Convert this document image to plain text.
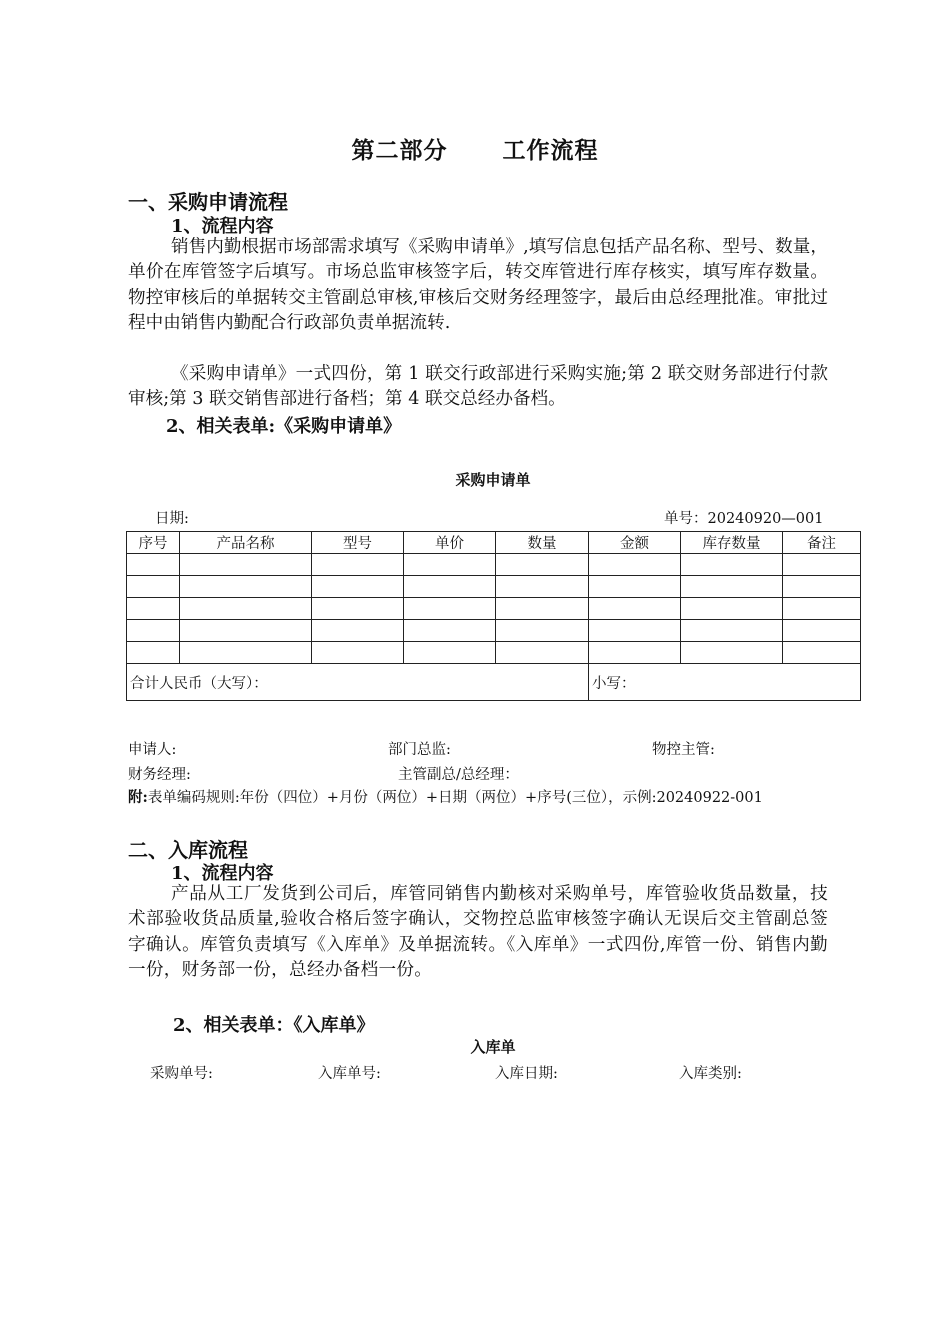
第二部分 工作流程
一、采购申请流程
1、流程内容

销售内勤根据市场部需求填写《采购申请单》,填写信息包括产品名称、型号、数量，单价在库管签字后填写。市场总监审核签字后，转交库管进行库存核实，填写库存数量。物控审核后的单据转交主管副总审核,审核后交财务经理签字，最后由总经理批准。审批过程中由销售内勤配合行政部负责单据流转.

《采购申请单》一式四份，第 1 联交行政部进行采购实施;第 2 联交财务部进行付款审核;第 3 联交销售部进行备档；第 4 联交总经办备档。

2、相关表单:《采购申请单》
采购申请单
日期:	单号：20240920—001
序号	产品名称	型号	单价	数量	金额	库存数量	备注

合计人民币（大写）：					小写：		
申请人:	部门总监:	物控主管:
财务经理:	主管副总/总经理：
附:表单编码规则:年份（四位）+月份（两位）+日期（两位）+序号(三位），示例:20240922-001
二、入库流程
1、流程内容

产品从工厂发货到公司后，库管同销售内勤核对采购单号，库管验收货品数量，技术部验收货品质量,验收合格后签字确认，交物控总监审核签字确认无误后交主管副总签字确认。库管负责填写《入库单》及单据流转。《入库单》一式四份,库管一份、销售内勤一份，财务部一份，总经办备档一份。

2、相关表单：《入库单》
入库单
采购单号:	入库单号:	入库日期:	入库类别:
